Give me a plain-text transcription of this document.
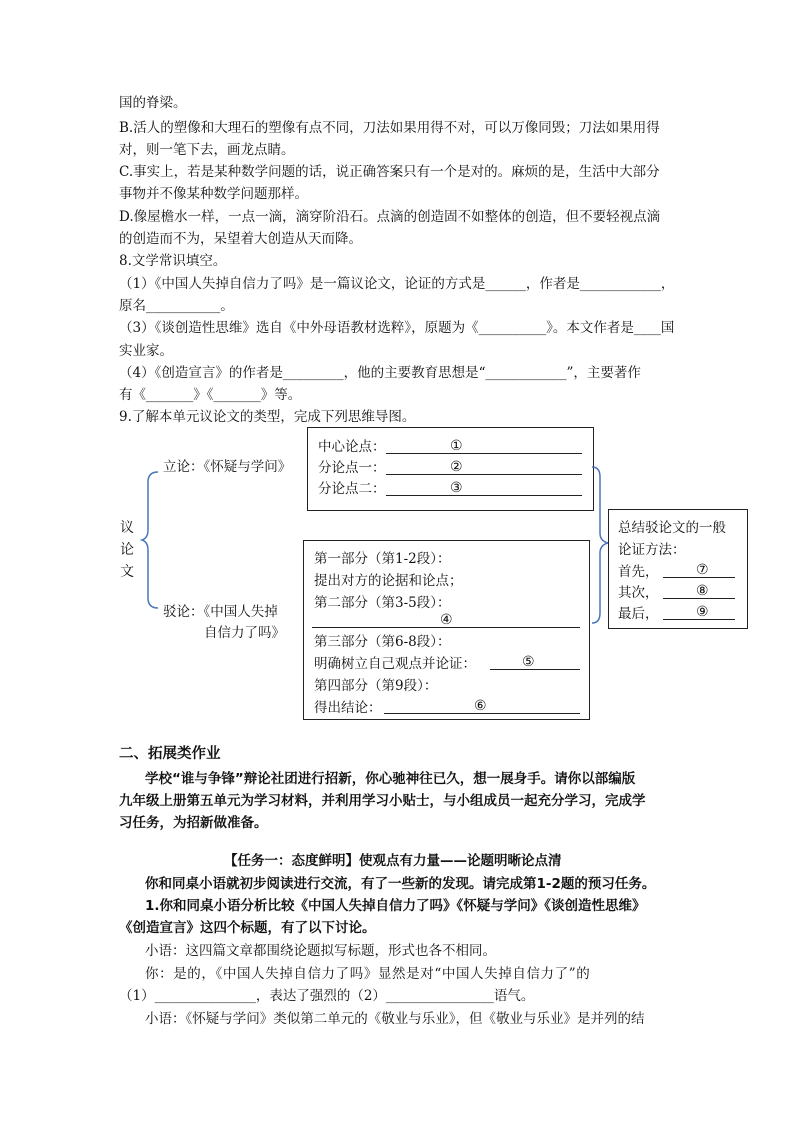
国的脊梁。
B.活人的塑像和大理石的塑像有点不同，刀法如果用得不对，可以万像同毁；刀法如果用得
对，则一笔下去，画龙点睛。
C.事实上，若是某种数学问题的话，说正确答案只有一个是对的。麻烦的是，生活中大部分
事物并不像某种数学问题那样。
D.像屋檐水一样，一点一滴，滴穿阶沿石。点滴的创造固不如整体的创造，但不要轻视点滴
的创造而不为，呆望着大创造从天而降。
8.文学常识填空。
（1）《中国人失掉自信力了吗》是一篇议论文，论证的方式是______，作者是____________，
原名___________。
（3）《谈创造性思维》选自《中外母语教材选粹》，原题为《__________》。本文作者是____国
实业家。
（4）《创造宣言》的作者是_________，他的主要教育思想是“____________”，主要著作
有《_______》《_______》等。
9.了解本单元议论文的类型，完成下列思维导图。
议论文
立论：《怀疑与学问》
驳论：《中国人失掉
自信力了吗》
中心论点：	①
分论点一：	②
分论点二：	③
第一部分（第1-2段）：
提出对方的论据和论点；
第二部分（第3-5段）：
④
第三部分（第6-8段）：
明确树立自己观点并论证：	⑤
第四部分（第9段）：
得出结论：	⑥
总结驳论文的一般
论证方法：
首先，	⑦
其次，	⑧
最后，	⑨
二、拓展类作业
学校“谁与争锋”辩论社团进行招新，你心驰神往已久，想一展身手。请你以部编版
九年级上册第五单元为学习材料，并利用学习小贴士，与小组成员一起充分学习，完成学
习任务，为招新做准备。
【任务一：态度鲜明】使观点有力量——论题明晰论点清
你和同桌小语就初步阅读进行交流，有了一些新的发现。请完成第1-2题的预习任务。
1.你和同桌小语分析比较《中国人失掉自信力了吗》《怀疑与学问》《谈创造性思维》
《创造宣言》这四个标题，有了以下讨论。
小语：这四篇文章都围绕论题拟写标题，形式也各不相同。
你：是的，《中国人失掉自信力了吗》显然是对“中国人失掉自信力了”的
（1）_______________，表达了强烈的（2）________________语气。
小语：《怀疑与学问》类似第二单元的《敬业与乐业》，但《敬业与乐业》是并列的结
